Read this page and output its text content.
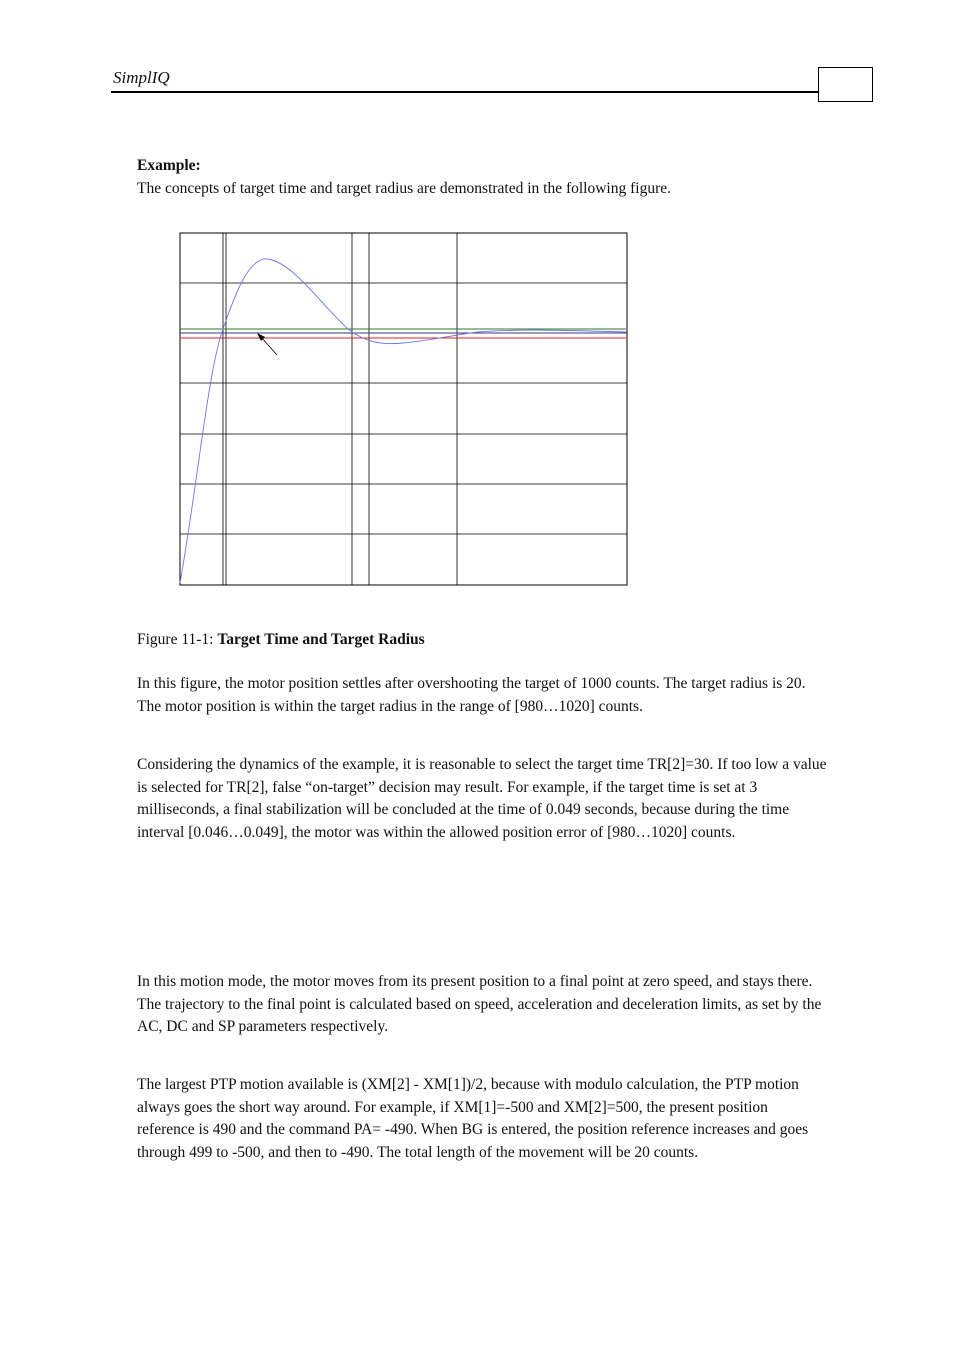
SimplIQ

Example:

The concepts of target time and target radius are demonstrated in the following figure.

Figure 11-1: Target Time and Target Radius

In this figure, the motor position settles after overshooting the target of 1000 counts. The target radius is 20. The motor position is within the target radius in the range of [980…1020] counts.

Considering the dynamics of the example, it is reasonable to select the target time TR[2]=30. If too low a value is selected for TR[2], false “on-target” decision may result. For example, if the target time is set at 3 milliseconds, a final stabilization will be concluded at the time of 0.049 seconds, because during the time interval [0.046…0.049], the motor was within the allowed position error of [980…1020] counts.

In this motion mode, the motor moves from its present position to a final point at zero speed, and stays there. The trajectory to the final point is calculated based on speed, acceleration and deceleration limits, as set by the AC, DC and SP parameters respectively.

The largest PTP motion available is (XM[2] - XM[1])/2, because with modulo calculation, the PTP motion always goes the short way around. For example, if XM[1]=-500 and XM[2]=500, the present position reference is 490 and the command PA= -490. When BG is entered, the position reference increases and goes through 499 to -500, and then to -490. The total length of the movement will be 20 counts.
